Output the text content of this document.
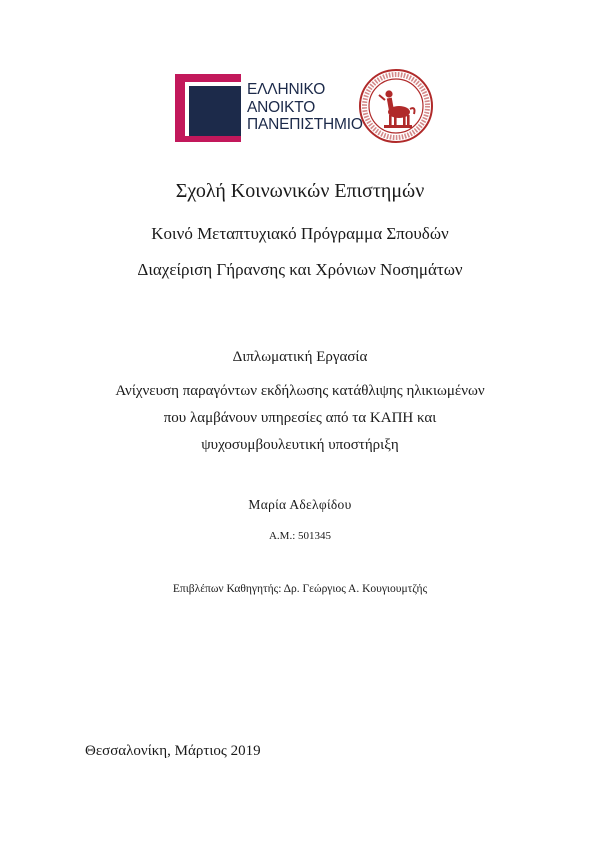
ΕΛΛΗΝΙΚΟ
ΑΝΟΙΚΤΟ
ΠΑΝΕΠΙΣΤΗΜΙΟ
Σχολή Κοινωνικών Επιστημών
Κοινό Μεταπτυχιακό Πρόγραμμα Σπουδών
Διαχείριση Γήρανσης και Χρόνιων Νοσημάτων
Διπλωματική Εργασία
Ανίχνευση παραγόντων εκδήλωσης κατάθλιψης ηλικιωμένων
που λαμβάνουν υπηρεσίες από τα ΚΑΠΗ και
ψυχοσυμβουλευτική υποστήριξη
Μαρία Αδελφίδου
Α.Μ.: 501345
Επιβλέπων Καθηγητής: Δρ. Γεώργιος Α. Κουγιουμτζής
Θεσσαλονίκη, Μάρτιος 2019
